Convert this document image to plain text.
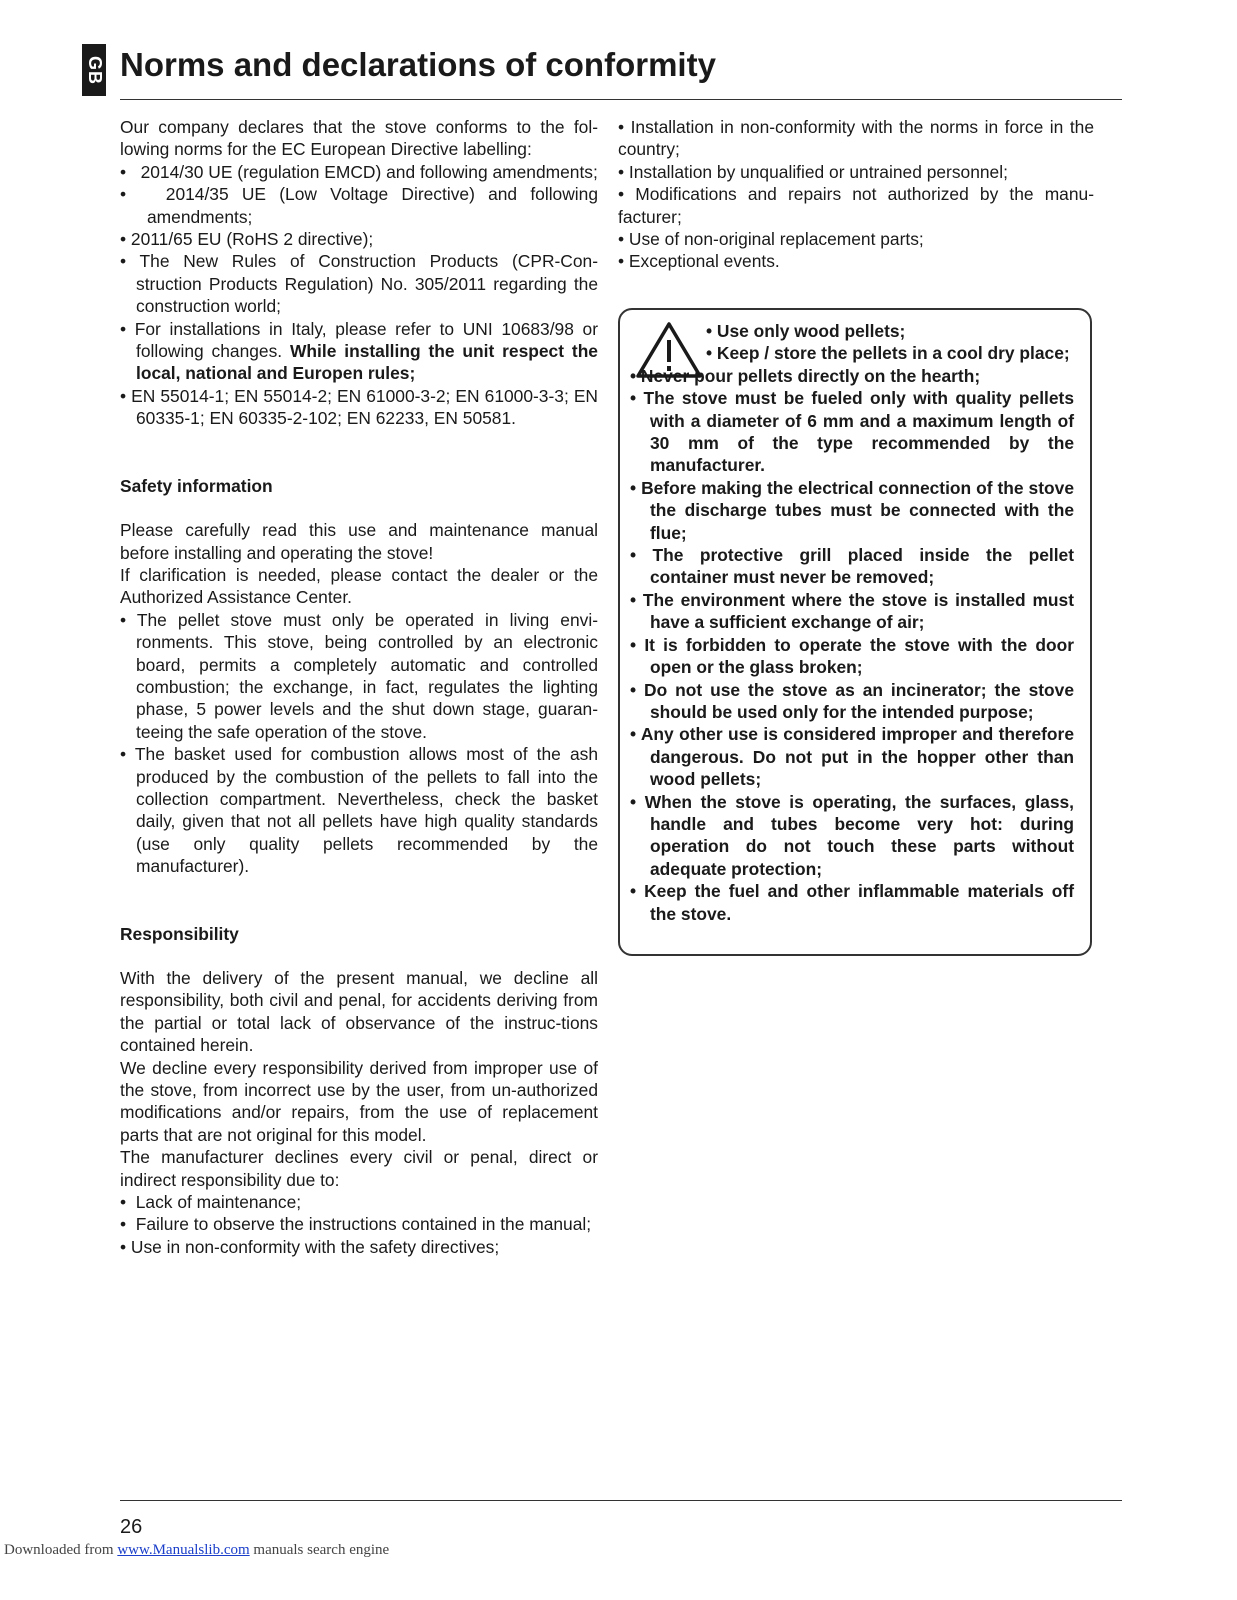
GB Norms and declarations of conformity

Our company declares that the stove conforms to the fol-lowing norms for the EC European Directive labelling:

•   2014/30 UE (regulation EMCD) and following amendments;
•   2014/35 UE (Low Voltage Directive) and following amendments;
• 2011/65 EU (RoHS 2 directive);
• The New Rules of Construction Products (CPR-Con-struction Products Regulation) No. 305/2011 regarding the construction world;
• For installations in Italy, please refer to UNI 10683/98 or following changes. While installing the unit respect the local, national and Europen rules;
• EN 55014-1; EN 55014-2; EN 61000-3-2; EN 61000-3-3; EN 60335-1; EN 60335-2-102; EN 62233, EN 50581.

Safety information

Please carefully read this use and maintenance manual before installing and operating the stove!

If clarification is needed, please contact the dealer or the Authorized Assistance Center.

• The pellet stove must only be operated in living envi-ronments. This stove, being controlled by an electronic board, permits a completely automatic and controlled combustion; the exchange, in fact, regulates the lighting phase, 5 power levels and the shut down stage, guaran-teeing the safe operation of the stove.
• The basket used for combustion allows most of the ash produced by the combustion of the pellets to fall into the collection compartment. Nevertheless, check the basket daily, given that not all pellets have high quality standards (use only quality pellets recommended by the manufacturer).

Responsibility

With the delivery of the present manual, we decline all responsibility, both civil and penal, for accidents deriving from the partial or total lack of observance of the instruc-tions contained herein.

We decline every responsibility derived from improper use of the stove, from incorrect use by the user, from un-authorized modifications and/or repairs, from the use of replacement parts that are not original for this model.

The manufacturer declines every civil or penal, direct or indirect responsibility due to:

•  Lack of maintenance;
•  Failure to observe the instructions contained in the manual;
• Use in non-conformity with the safety directives;
• Installation in non-conformity with the norms in force in the country;
• Installation by unqualified or untrained personnel;
• Modifications and repairs not authorized by the manu-facturer;
• Use of non-original replacement parts;
• Exceptional events.
• Use only wood pellets;
• Keep / store the pellets in a cool dry place;
• Never pour pellets directly on the hearth;
• The stove must be fueled only with quality pellets with a diameter of 6 mm and a maximum length of 30 mm of the type recommended by the manufacturer.
• Before making the electrical connection of the stove the discharge tubes must be connected with the flue;
• The protective grill placed inside the pellet container must never be removed;
• The environment where the stove is installed must have a sufficient exchange of air;
• It is forbidden to operate the stove with the door open or the glass broken;
• Do not use the stove as an incinerator; the stove should be used only for the intended purpose;
• Any other use is considered improper and therefore dangerous. Do not put in the hopper other than wood pellets;
• When the stove is operating, the surfaces, glass, handle and tubes become very hot: during operation do not touch these parts without adequate protection;
• Keep the fuel and other inflammable materials off the stove.
26
Downloaded from www.Manualslib.com manuals search engine
